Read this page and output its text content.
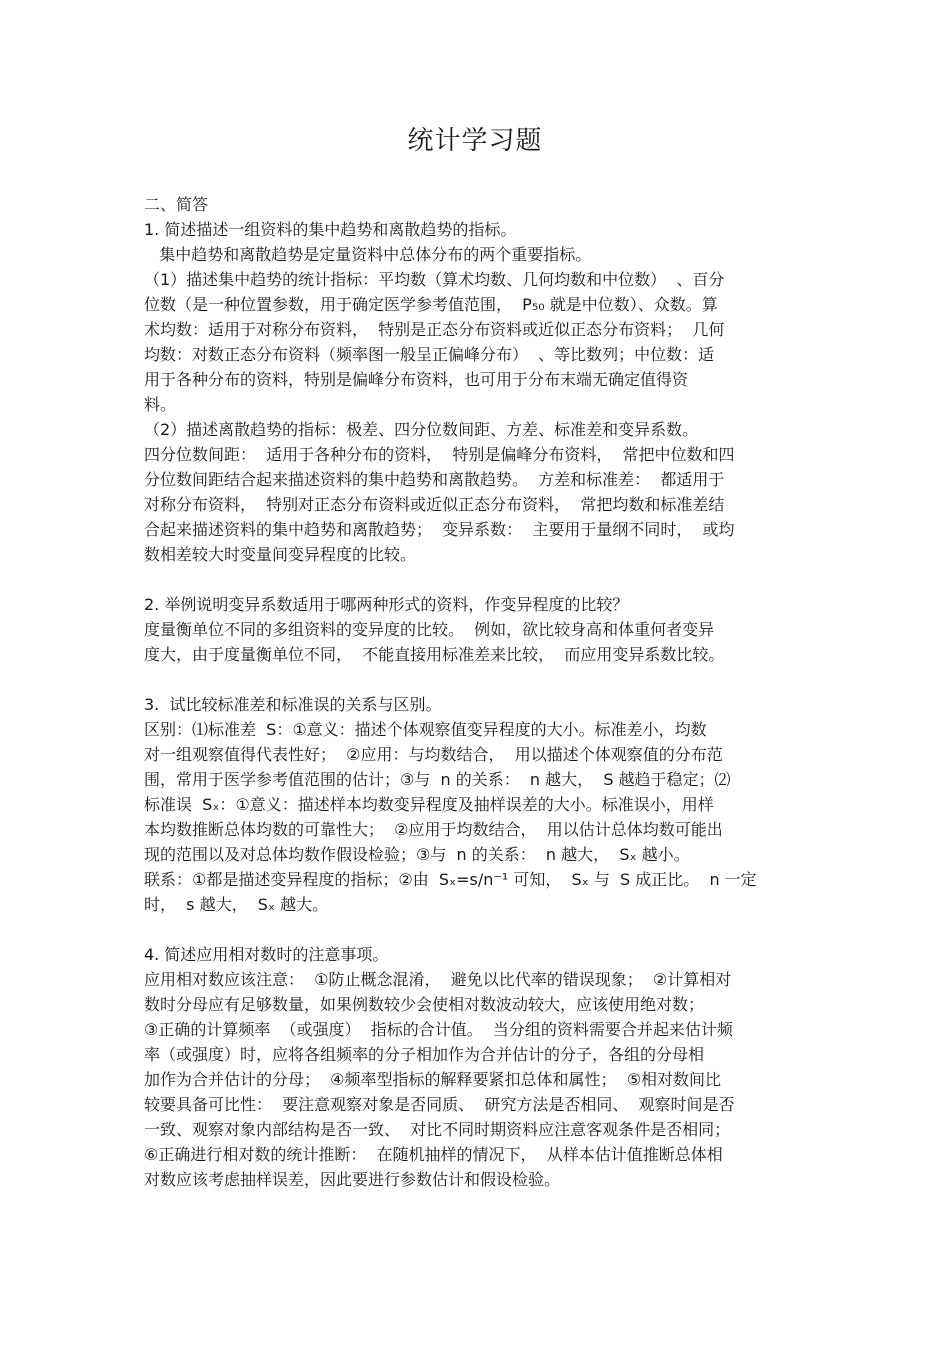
统计学习题
二、简答
1. 简述描述一组资料的集中趋势和离散趋势的指标。
集中趋势和离散趋势是定量资料中总体分布的两个重要指标。
（1）描述集中趋势的统计指标：平均数（算术均数、几何均数和中位数）  、百分
位数（是一种位置参数，用于确定医学参考值范围，  P₅₀ 就是中位数）、众数。算
术均数：适用于对称分布资料，  特别是正态分布资料或近似正态分布资料；  几何
均数：对数正态分布资料（频率图一般呈正偏峰分布）  、等比数列；中位数：适
用于各种分布的资料，特别是偏峰分布资料，也可用于分布末端无确定值得资
料。
（2）描述离散趋势的指标：极差、四分位数间距、方差、标准差和变异系数。
四分位数间距：  适用于各种分布的资料，  特别是偏峰分布资料，  常把中位数和四
分位数间距结合起来描述资料的集中趋势和离散趋势。  方差和标准差：  都适用于
对称分布资料，  特别对正态分布资料或近似正态分布资料，  常把均数和标准差结
合起来描述资料的集中趋势和离散趋势；  变异系数：  主要用于量纲不同时，  或均
数相差较大时变量间变异程度的比较。
2. 举例说明变异系数适用于哪两种形式的资料，作变异程度的比较？
度量衡单位不同的多组资料的变异度的比较。  例如，欲比较身高和体重何者变异
度大，由于度量衡单位不同，  不能直接用标准差来比较，  而应用变异系数比较。
3.  试比较标准差和标准误的关系与区别。
区别：⑴标准差  S：①意义：描述个体观察值变异程度的大小。标准差小，均数
对一组观察值得代表性好；  ②应用：与均数结合，  用以描述个体观察值的分布范
围，常用于医学参考值范围的估计；③与  n 的关系：  n 越大，  S 越趋于稳定；⑵
标准误  Sₓ：①意义：描述样本均数变异程度及抽样误差的大小。标准误小，用样
本均数推断总体均数的可靠性大；  ②应用于均数结合，  用以估计总体均数可能出
现的范围以及对总体均数作假设检验；③与  n 的关系：  n 越大，  Sₓ 越小。
联系：①都是描述变异程度的指标；②由  Sₓ=s/n⁻¹ 可知，  Sₓ 与  S 成正比。  n 一定
时，  s 越大，  Sₓ 越大。
4. 简述应用相对数时的注意事项。
应用相对数应该注意：  ①防止概念混淆，  避免以比代率的错误现象；  ②计算相对
数时分母应有足够数量，如果例数较少会使相对数波动较大，应该使用绝对数；
③正确的计算频率  （或强度）  指标的合计值。  当分组的资料需要合并起来估计频
率（或强度）时，应将各组频率的分子相加作为合并估计的分子，各组的分母相
加作为合并估计的分母；  ④频率型指标的解释要紧扣总体和属性；  ⑤相对数间比
较要具备可比性：  要注意观察对象是否同质、  研究方法是否相同、  观察时间是否
一致、观察对象内部结构是否一致、  对比不同时期资料应注意客观条件是否相同；
⑥正确进行相对数的统计推断：  在随机抽样的情况下，  从样本估计值推断总体相
对数应该考虑抽样误差，因此要进行参数估计和假设检验。
